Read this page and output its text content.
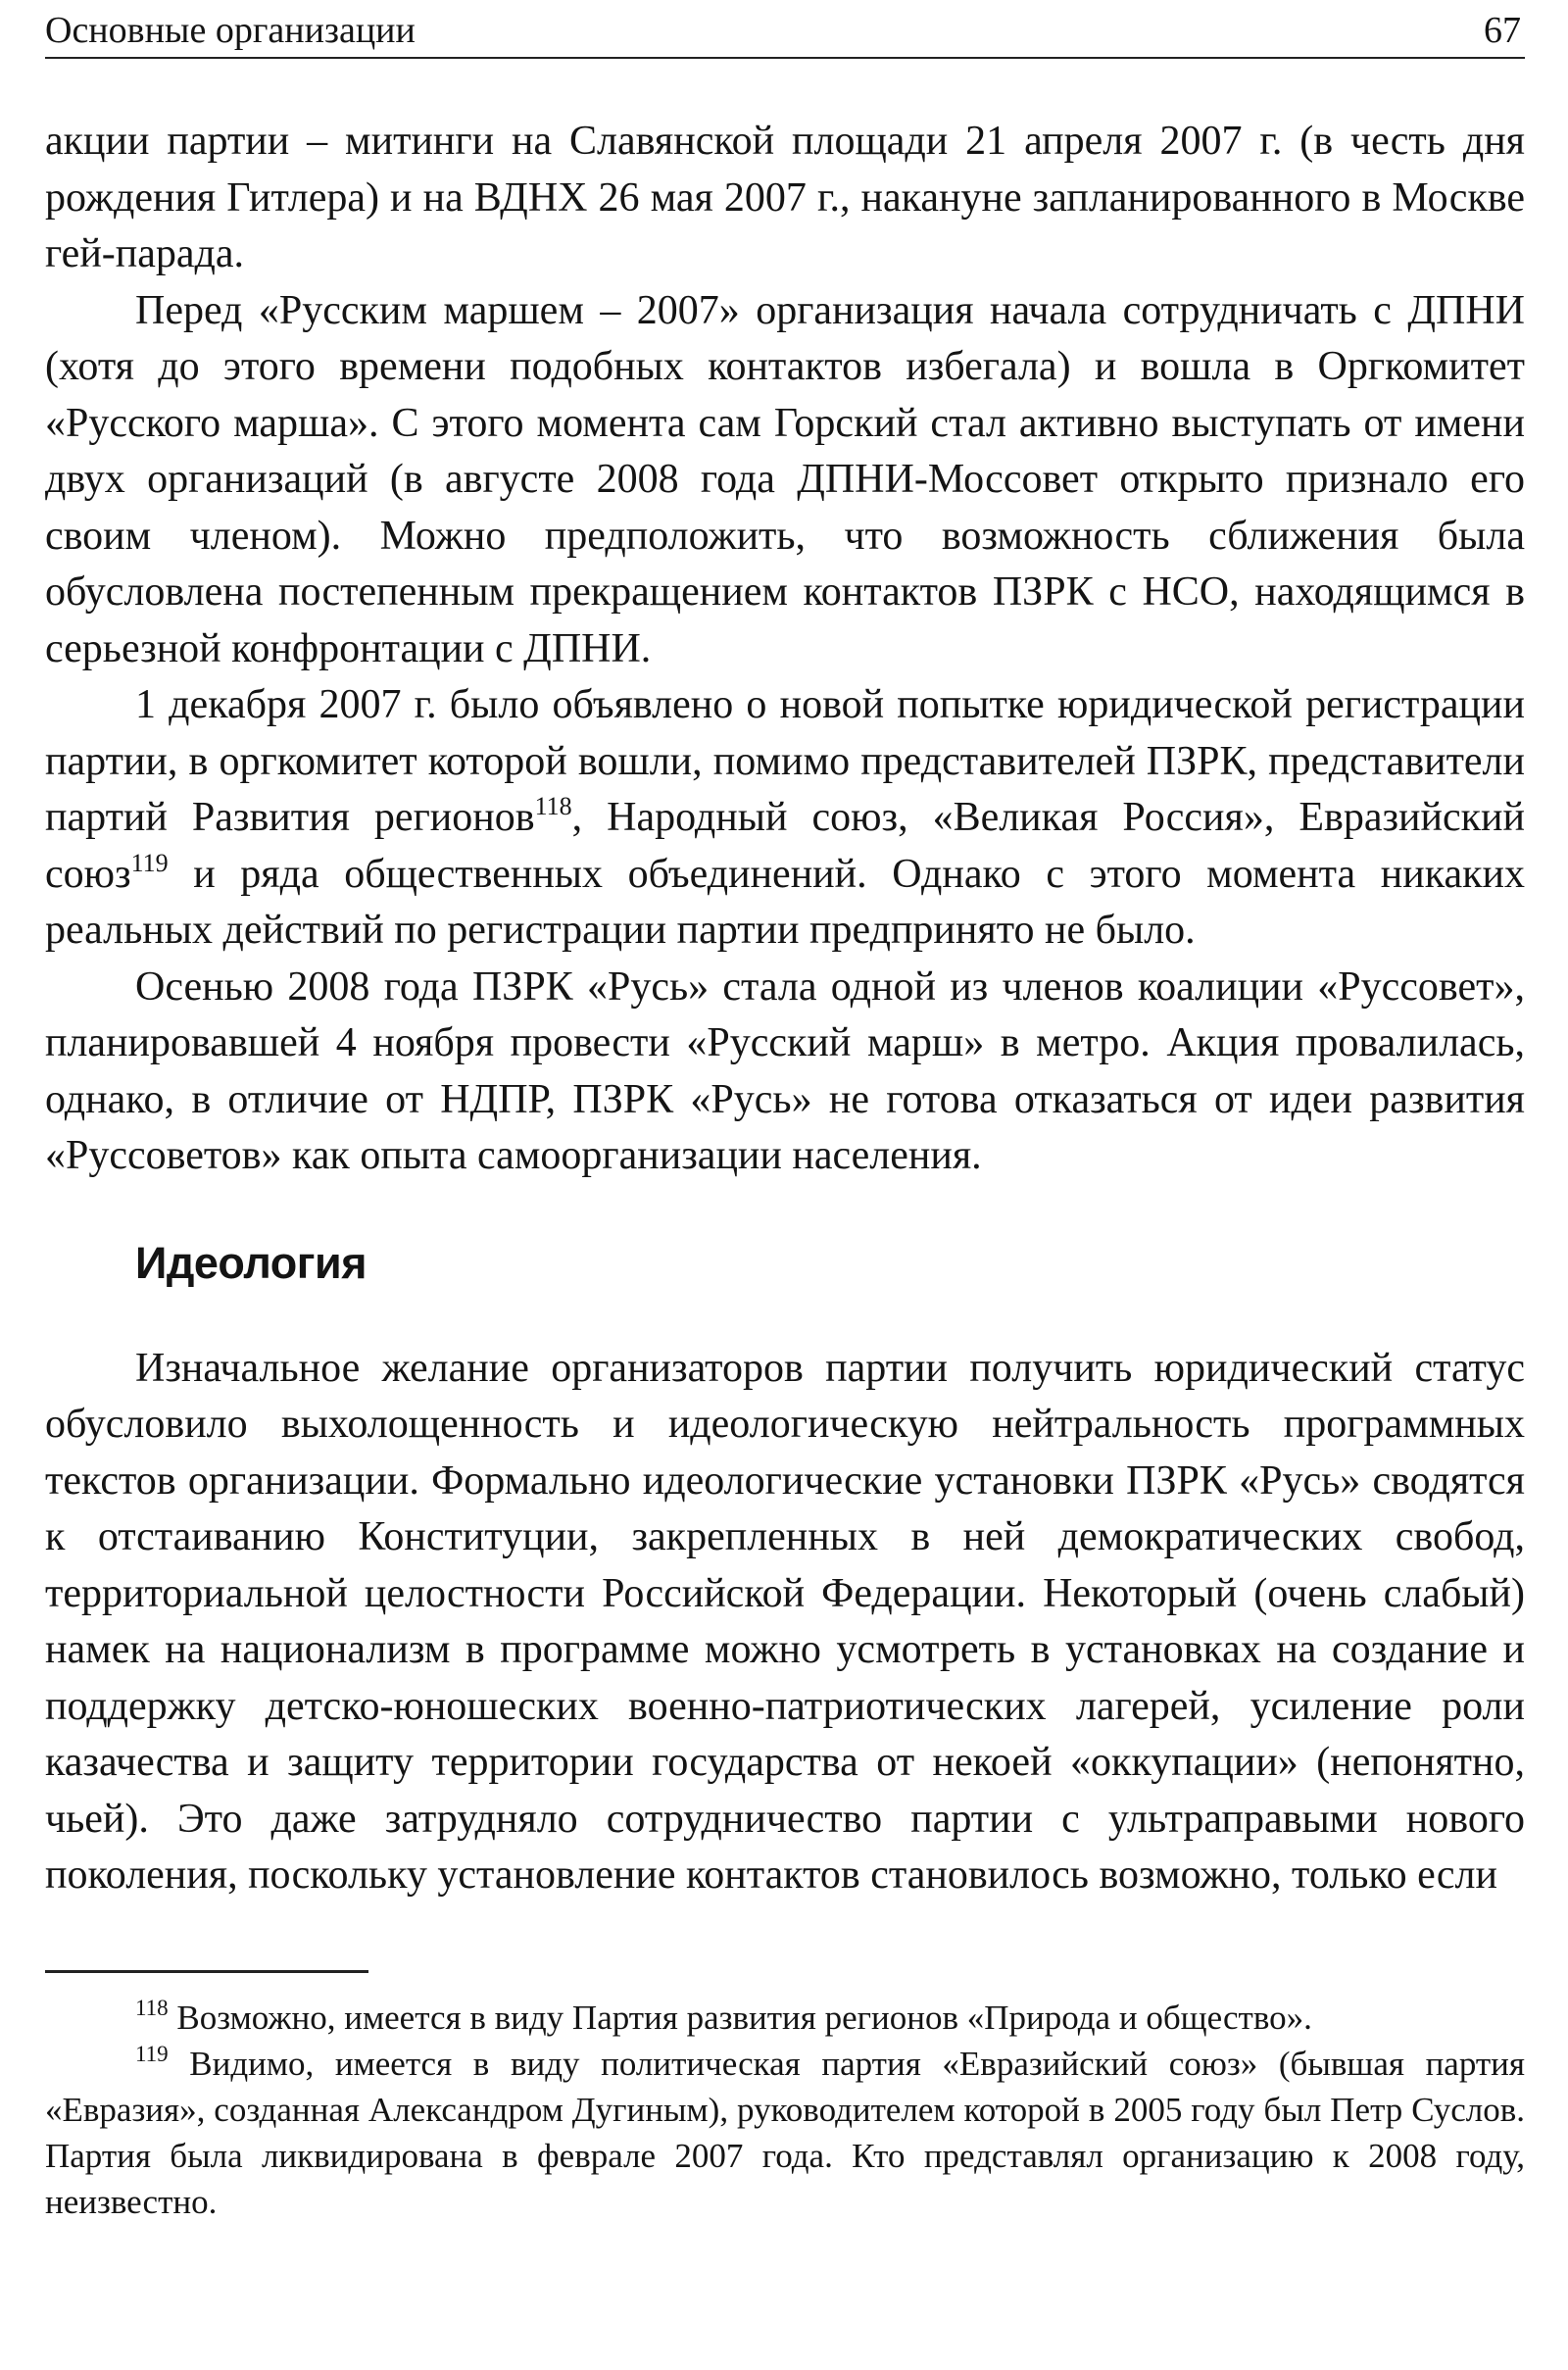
Основные организации	67

акции партии – митинги на Славянской площади 21 апреля 2007 г. (в честь дня рождения Гитлера) и на ВДНХ 26 мая 2007 г., накануне запланированного в Москве гей-парада.

Перед «Русским маршем – 2007» организация начала сотрудничать с ДПНИ (хотя до этого времени подобных контактов избегала) и вошла в Оргкомитет «Русского марша». С этого момента сам Горский стал активно выступать от имени двух организаций (в августе 2008 года ДПНИ-Моссовет открыто признало его своим членом). Можно предположить, что возможность сближения была обусловлена постепенным прекращением контактов ПЗРК с НСО, находящимся в серьезной конфронтации с ДПНИ.

1 декабря 2007 г. было объявлено о новой попытке юридической регистрации партии, в оргкомитет которой вошли, помимо представителей ПЗРК, представители партий Развития регионов$^{118}$, Народный союз, «Великая Россия», Евразийский союз$^{119}$ и ряда общественных объединений. Однако с этого момента никаких реальных действий по регистрации партии предпринято не было.

Осенью 2008 года ПЗРК «Русь» стала одной из членов коалиции «Руссовет», планировавшей 4 ноября провести «Русский марш» в метро. Акция провалилась, однако, в отличие от НДПР, ПЗРК «Русь» не готова отказаться от идеи развития «Руссоветов» как опыта самоорганизации населения.

Идеология

Изначальное желание организаторов партии получить юридический статус обусловило выхолощенность и идеологическую нейтральность программных текстов организации. Формально идеологические установки ПЗРК «Русь» сводятся к отстаиванию Конституции, закрепленных в ней демократических свобод, территориальной целостности Российской Федерации. Некоторый (очень слабый) намек на национализм в программе можно усмотреть в установках на создание и поддержку детско-юношеских военно-патриотических лагерей, усиление роли казачества и защиту территории государства от некоей «оккупации» (непонятно, чьей). Это даже затрудняло сотрудничество партии с ультраправыми нового поколения, поскольку установление контактов становилось возможно, только если

$^{118}$ Возможно, имеется в виду Партия развития регионов «Природа и общество».

$^{119}$ Видимо, имеется в виду политическая партия «Евразийский союз» (бывшая партия «Евразия», созданная Александром Дугиным), руководителем которой в 2005 году был Петр Суслов. Партия была ликвидирована в феврале 2007 года. Кто представлял организацию к 2008 году, неизвестно.
